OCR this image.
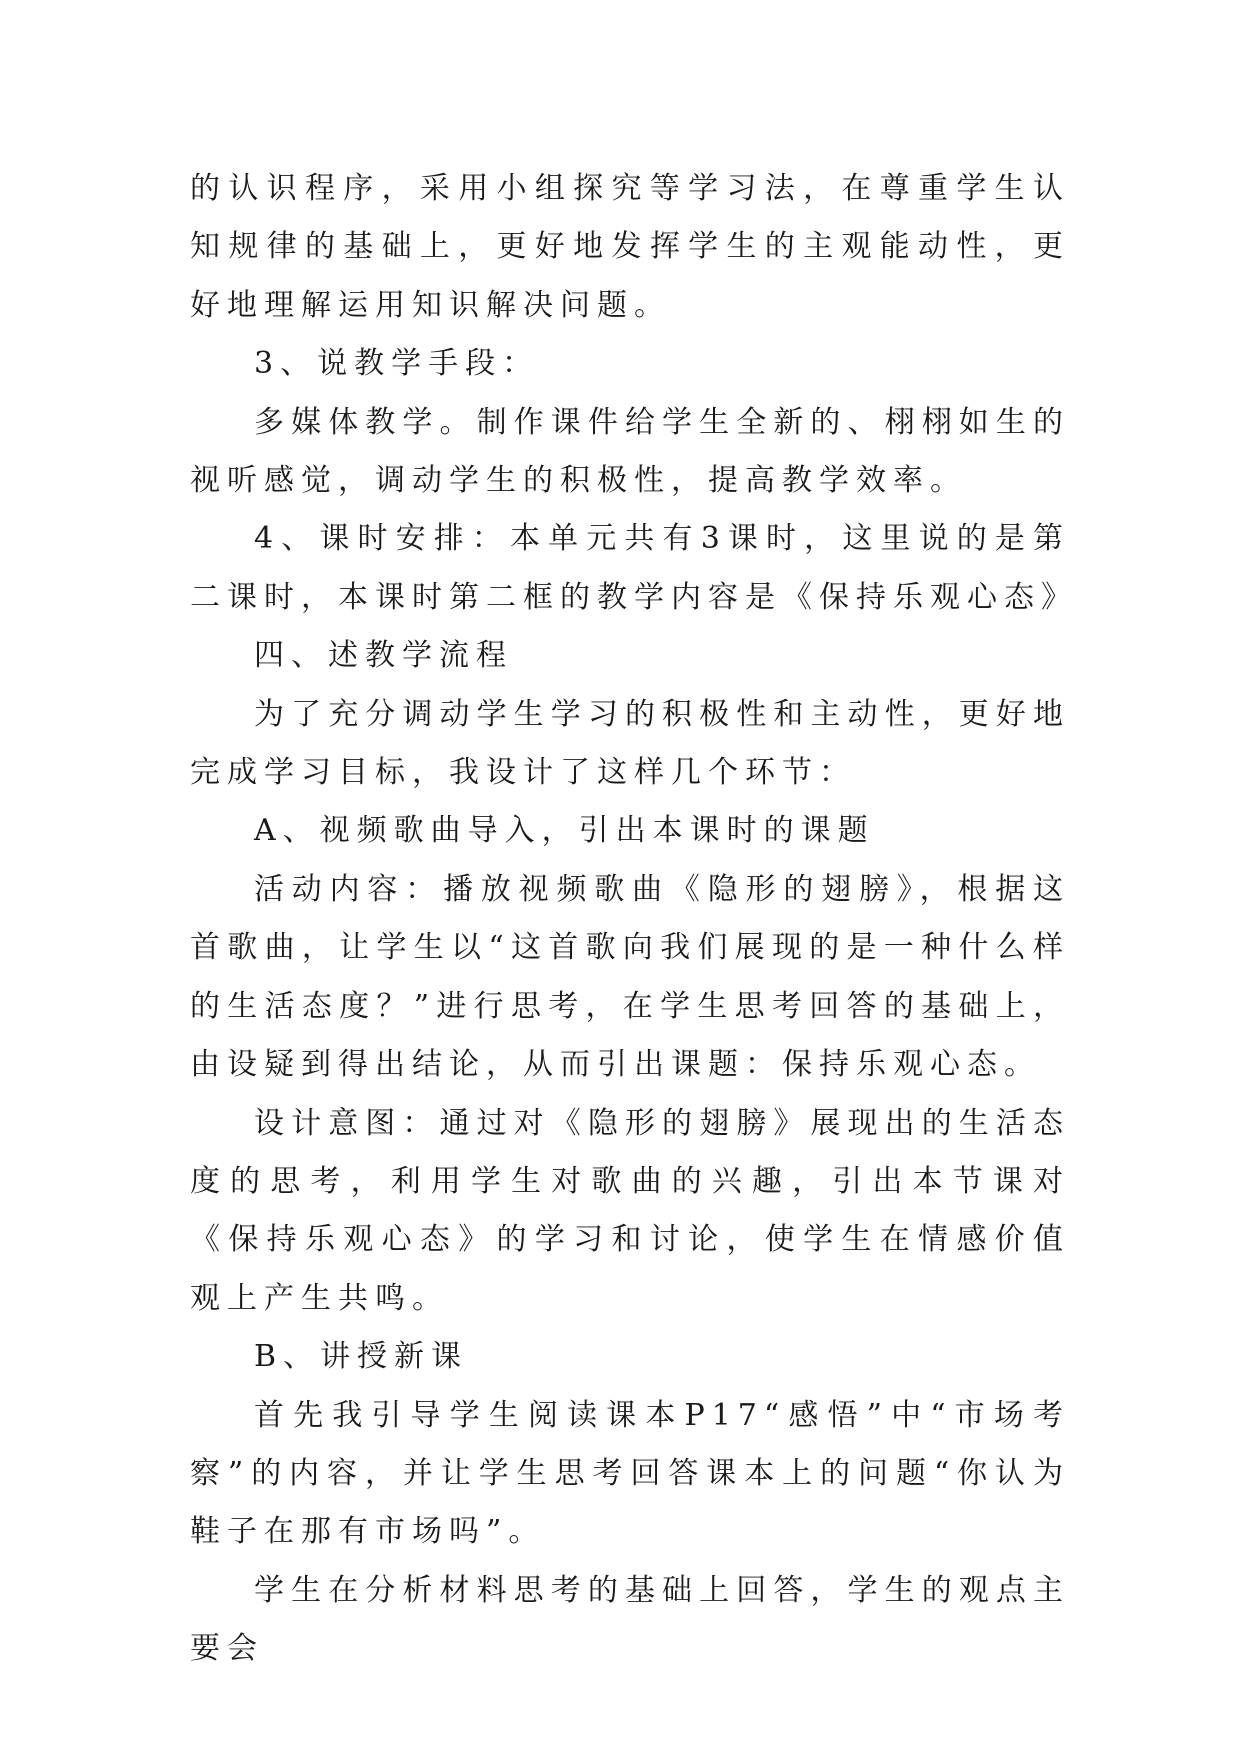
的认识程序，采用小组探究等学习法，在尊重学生认知规律的基础上，更好地发挥学生的主观能动性，更好地理解运用知识解决问题。

3、说教学手段：

多媒体教学。制作课件给学生全新的、栩栩如生的视听感觉，调动学生的积极性，提高教学效率。

4、课时安排：本单元共有3课时，这里说的是第二课时，本课时第二框的教学内容是《保持乐观心态》

四、述教学流程

为了充分调动学生学习的积极性和主动性，更好地完成学习目标，我设计了这样几个环节：

A、视频歌曲导入，引出本课时的课题

活动内容：播放视频歌曲《隐形的翅膀》，根据这首歌曲，让学生以“这首歌向我们展现的是一种什么样的生活态度？”进行思考，在学生思考回答的基础上，由设疑到得出结论，从而引出课题：保持乐观心态。

设计意图：通过对《隐形的翅膀》展现出的生活态度的思考，利用学生对歌曲的兴趣，引出本节课对《保持乐观心态》的学习和讨论，使学生在情感价值观上产生共鸣。

B、讲授新课

首先我引导学生阅读课本P17“感悟”中“市场考察”的内容，并让学生思考回答课本上的问题“你认为鞋子在那有市场吗”。

学生在分析材料思考的基础上回答，学生的观点主要会
